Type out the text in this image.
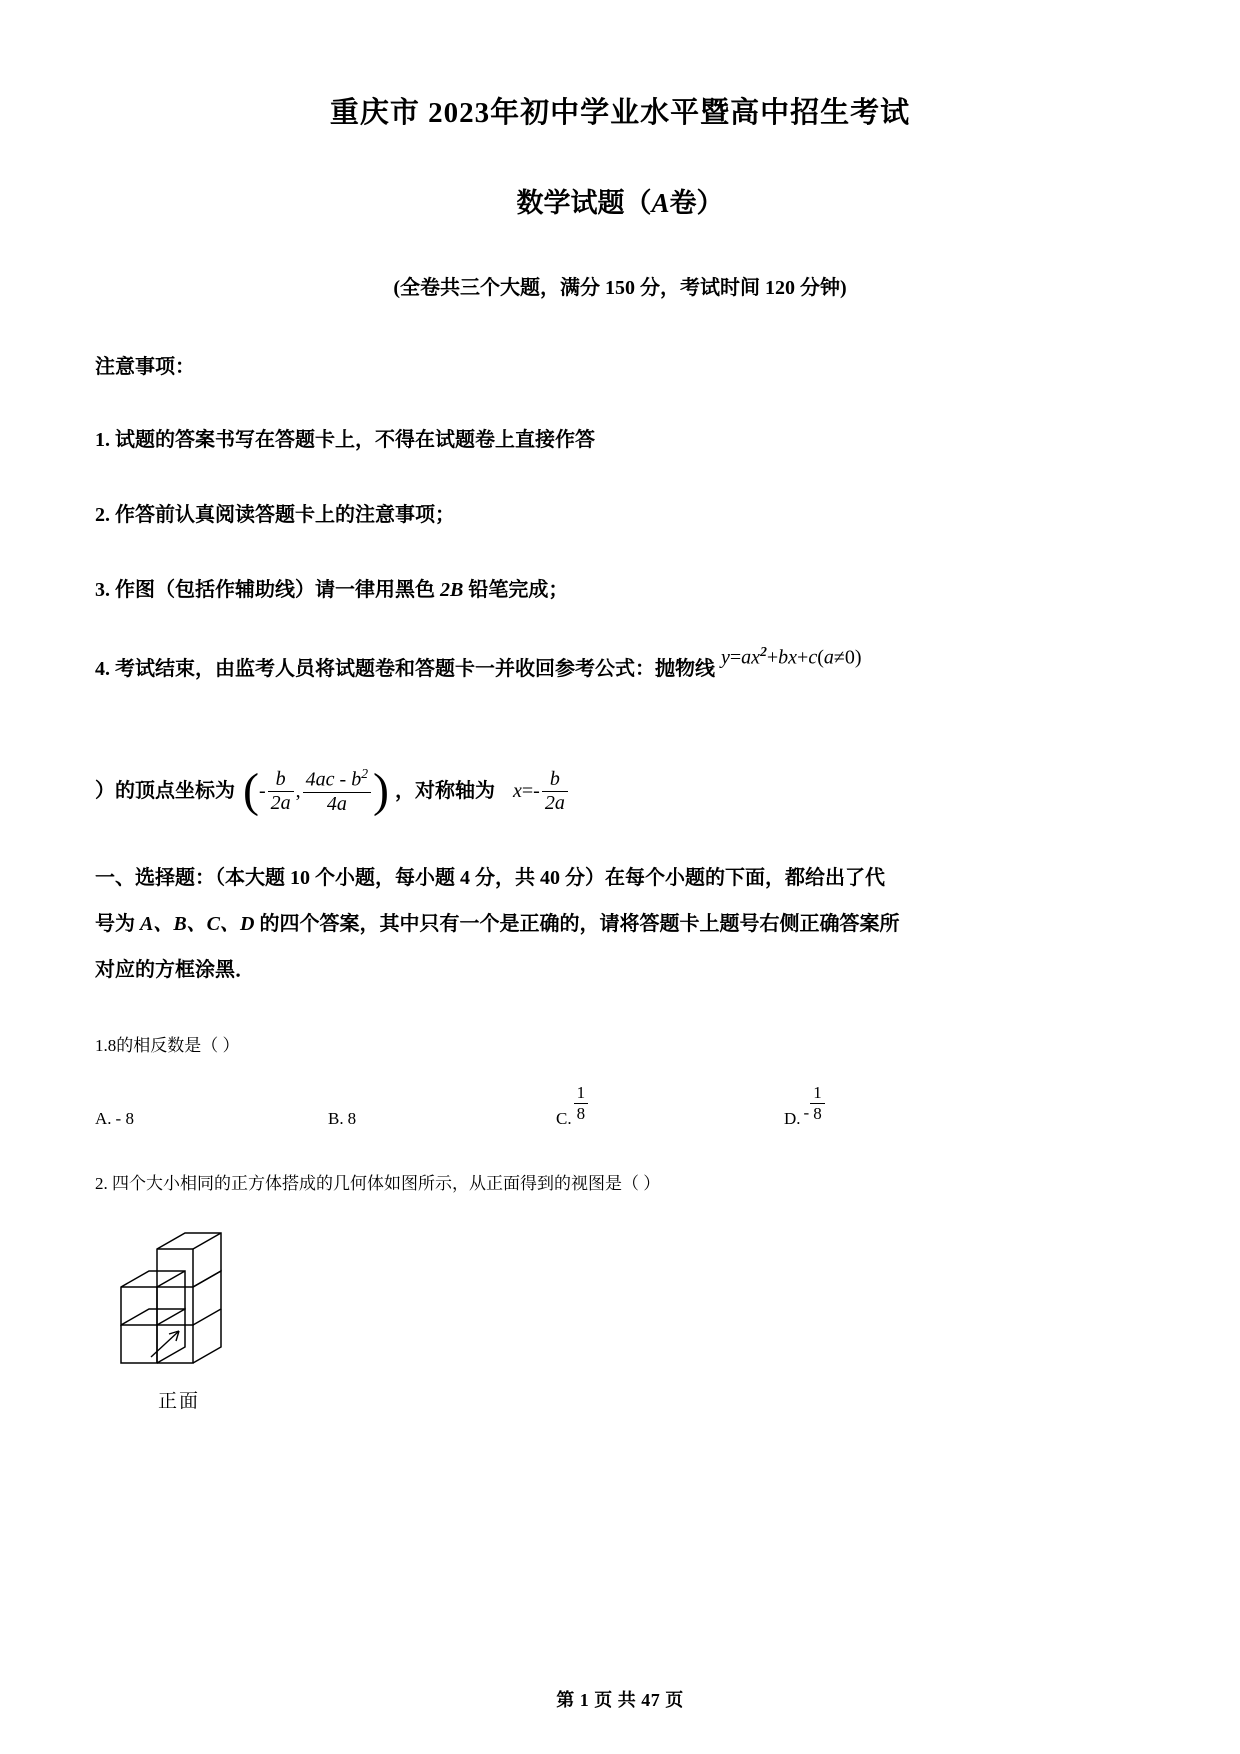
重庆市 2023年初中学业水平暨高中招生考试
数学试题（A卷）
(全卷共三个大题，满分 150 分，考试时间 120 分钟)
注意事项：
1. 试题的答案书写在答题卡上，不得在试题卷上直接作答
2. 作答前认真阅读答题卡上的注意事项；
3. 作图（包括作辅助线）请一律用黑色 2B 铅笔完成；
4. 考试结束，由监考人员将试题卷和答题卡一并收回参考公式：抛物线$y=ax^2+bx+c(a\ne 0)$
）的顶点坐标为 ( - $\frac{b}{2a}$ , $\frac{4ac - b^2}{4a}$ ) ，对称轴为 $x =- \frac{b}{2a}$
一、选择题：（本大题 10 个小题，每小题 4 分，共 40 分）在每个小题的下面，都给出了代
号为 A、B、C、D 的四个答案，其中只有一个是正确的，请将答题卡上题号右侧正确答案所
对应的方框涂黑．
1.8的相反数是（ ）
A. - 8	B. 8	C. $\frac{1}{8}$	D. - $\frac{1}{8}$
2. 四个大小相同的正方体搭成的几何体如图所示，从正面得到的视图是（ ）
正面
第 1 页 共 47 页
